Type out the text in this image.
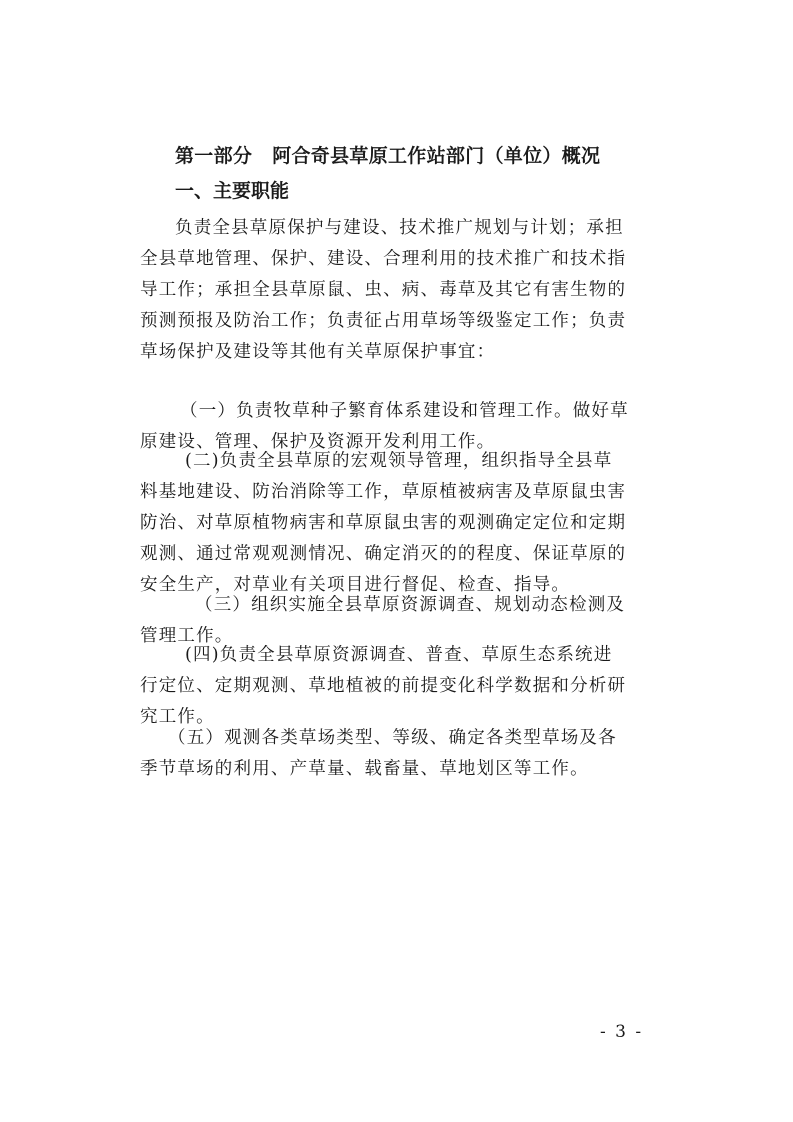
第一部分 阿合奇县草原工作站部门（单位）概况
一、主要职能
负责全县草原保护与建设、技术推广规划与计划；承担
全县草地管理、保护、建设、合理利用的技术推广和技术指
导工作；承担全县草原鼠、虫、病、毒草及其它有害生物的
预测预报及防治工作；负责征占用草场等级鉴定工作；负责
草场保护及建设等其他有关草原保护事宜：
（一）负责牧草种子繁育体系建设和管理工作。做好草
原建设、管理、保护及资源开发利用工作。
(二)负责全县草原的宏观领导管理，组织指导全县草
料基地建设、防治消除等工作，草原植被病害及草原鼠虫害
防治、对草原植物病害和草原鼠虫害的观测确定定位和定期
观测、通过常观观测情况、确定消灭的的程度、保证草原的
安全生产，对草业有关项目进行督促、检查、指导。
（三）组织实施全县草原资源调查、规划动态检测及
管理工作。
(四)负责全县草原资源调查、普查、草原生态系统进
行定位、定期观测、草地植被的前提变化科学数据和分析研
究工作。
（五）观测各类草场类型、等级、确定各类型草场及各
季节草场的利用、产草量、载畜量、草地划区等工作。
- 3 -
